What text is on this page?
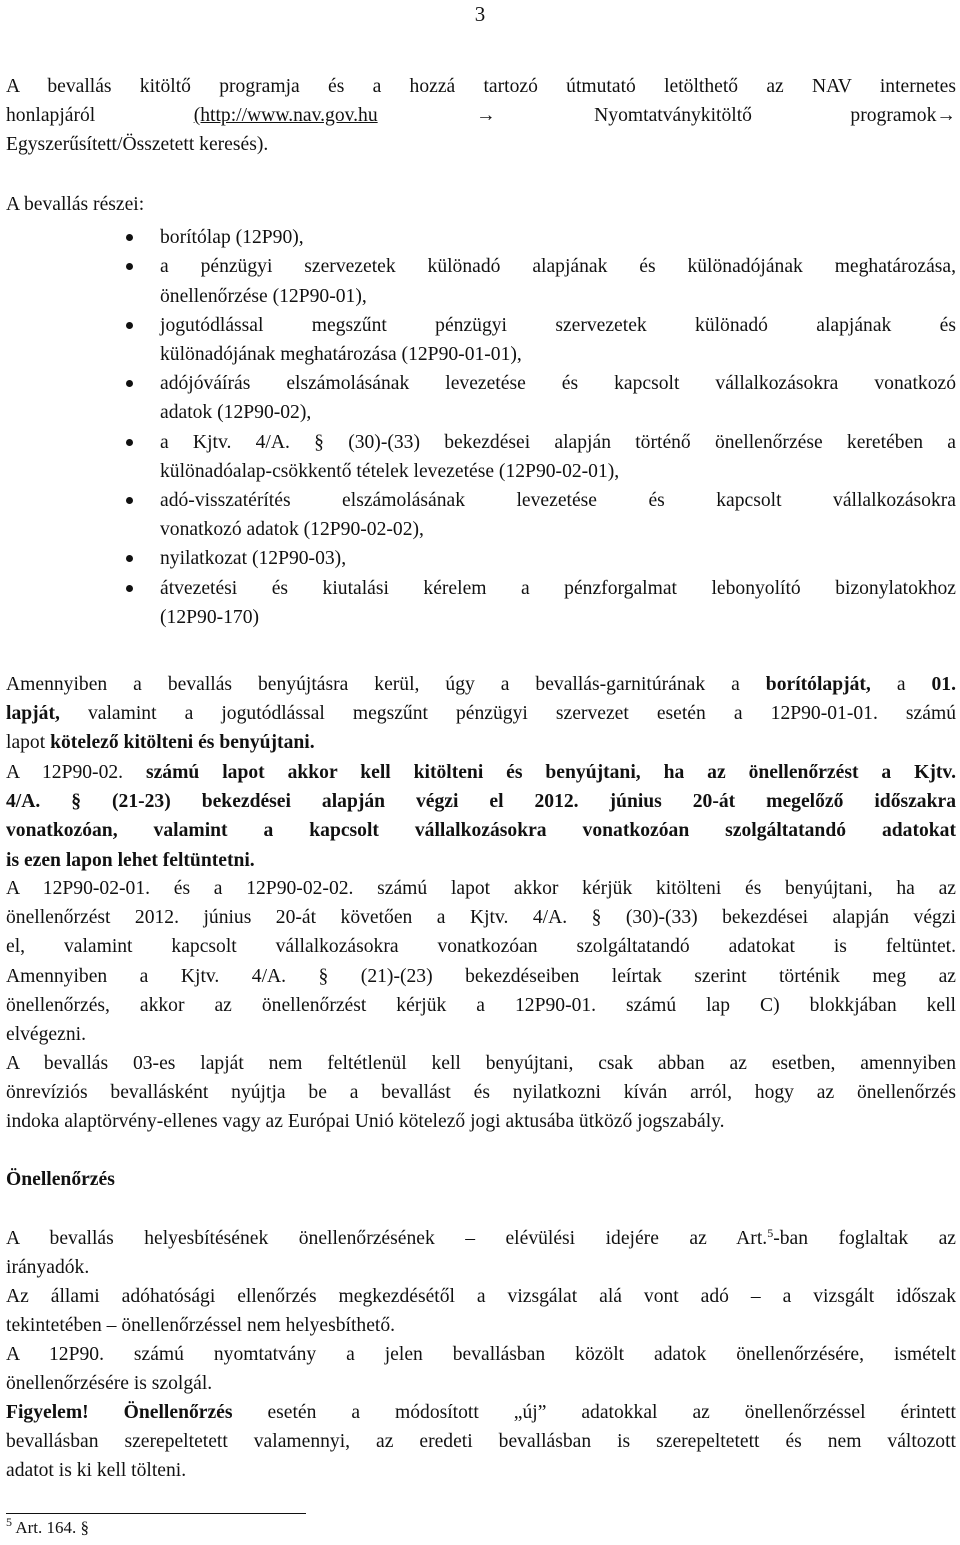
3

A bevallás kitöltő programja és a hozzá tartozó útmutató letölthető az NAV internetes

honlapjáról	(http://www.nav.gov.hu	→	Nyomtatványkitöltő	programok→

Egyszerűsített/Összetett keresés).

A bevallás részei:

borítólap (12P90),

a pénzügyi szervezetek különadó alapjának és különadójának meghatározása,

önellenőrzése (12P90-01),

jogutódlással megszűnt pénzügyi szervezetek különadó alapjának és

különadójának meghatározása (12P90-01-01),

adójóváírás elszámolásának levezetése és kapcsolt vállalkozásokra vonatkozó

adatok (12P90-02),

a Kjtv. 4/A. § (30)-(33) bekezdései alapján történő önellenőrzése keretében a

különadóalap-csökkentő tételek levezetése (12P90-02-01),

adó-visszatérítés elszámolásának levezetése és kapcsolt vállalkozásokra

vonatkozó adatok (12P90-02-02),

nyilatkozat (12P90-03),

átvezetési és kiutalási kérelem a pénzforgalmat lebonyolító bizonylatokhoz

(12P90-170)

Amennyiben a bevallás benyújtásra kerül, úgy a bevallás-garnitúrának a borítólapját, a 01.

lapját, valamint a jogutódlással megszűnt pénzügyi szervezet esetén a 12P90-01-01. számú

lapot kötelező kitölteni és benyújtani.

A 12P90-02. számú lapot akkor kell kitölteni és benyújtani, ha az önellenőrzést a Kjtv.

4/A. § (21-23) bekezdései alapján végzi el 2012. június 20-át megelőző időszakra

vonatkozóan, valamint a kapcsolt vállalkozásokra vonatkozóan szolgáltatandó adatokat

is ezen lapon lehet feltüntetni.

A 12P90-02-01. és a 12P90-02-02. számú lapot akkor kérjük kitölteni és benyújtani, ha az

önellenőrzést 2012. június 20-át követően a Kjtv. 4/A. § (30)-(33) bekezdései alapján végzi

el, valamint kapcsolt vállalkozásokra vonatkozóan szolgáltatandó adatokat is feltüntet.

Amennyiben a Kjtv. 4/A. § (21)-(23) bekezdéseiben leírtak szerint történik meg az

önellenőrzés, akkor az önellenőrzést kérjük a 12P90-01. számú lap C) blokkjában kell

elvégezni.

A bevallás 03-es lapját nem feltétlenül kell benyújtani, csak abban az esetben, amennyiben

önrevíziós bevallásként nyújtja be a bevallást és nyilatkozni kíván arról, hogy az önellenőrzés

indoka alaptörvény-ellenes vagy az Európai Unió kötelező jogi aktusába ütköző jogszabály.

Önellenőrzés

A bevallás helyesbítésének önellenőrzésének – elévülési idejére az Art.$^5$-ban foglaltak az

irányadók.

Az állami adóhatósági ellenőrzés megkezdésétől a vizsgálat alá vont adó – a vizsgált időszak

tekintetében – önellenőrzéssel nem helyesbíthető.

A 12P90. számú nyomtatvány a jelen bevallásban közölt adatok önellenőrzésére, ismételt

önellenőrzésére is szolgál.

Figyelem! Önellenőrzés esetén a módosított „új” adatokkal az önellenőrzéssel érintett

bevallásban szerepeltetett valamennyi, az eredeti bevallásban is szerepeltetett és nem változott

adatot is ki kell tölteni.

$^5$ Art. 164. §
